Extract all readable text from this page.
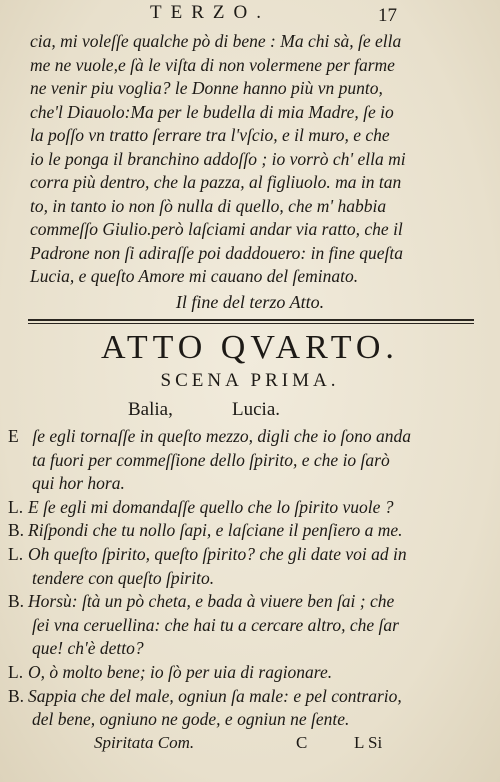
TERZO.	17
cia, mi voleſſe qualche pò di bene : Ma chi sà, ſe ella
me ne vuole,e ſà le viſta di non volermene per farme
ne venir piu voglia? le Donne hanno più vn punto,
che'l Diauolo:Ma per le budella di mia Madre, ſe io
la poſſo vn tratto ſerrare tra l'vſcio, e il muro, e che
io le ponga il branchino addoſſo ; io vorrò ch' ella mi
corra più dentro, che la pazza, al figliuolo. ma in tan
to, in tanto io non ſò nulla di quello, che m' habbia
commeſſo Giulio.però laſciami andar via ratto, che il
Padrone non ſi adiraſſe poi daddouero: in fine queſta
Lucia, e queſto Amore mi cauano del ſeminato.
Il fine del terzo Atto.
ATTO QVARTO.
SCENA PRIMA.
Balia,	Lucia.
E ſe egli tornaſſe in queſto mezzo, digli che io ſono anda
ta fuori per commeſſione dello ſpirito, e che io ſarò
qui hor hora.
L. E ſe egli mi domandaſſe quello che lo ſpirito vuole ?
B. Riſpondi che tu nollo ſapi, e laſciane il penſiero a me.
L. Oh queſto ſpirito, queſto ſpirito? che gli date voi ad in
tendere con queſto ſpirito.
B. Horsù: ſtà un pò cheta, e bada à viuere ben ſai ; che
ſei vna ceruellina: che hai tu a cercare altro, che ſar
que! ch'è detto?
L. O, ò molto bene; io ſò per uia di ragionare.
B. Sappia che del male, ogniun ſa male: e pel contrario,
del bene, ogniuno ne gode, e ogniun ne ſente.
Spiritata Com.	C	L Si
